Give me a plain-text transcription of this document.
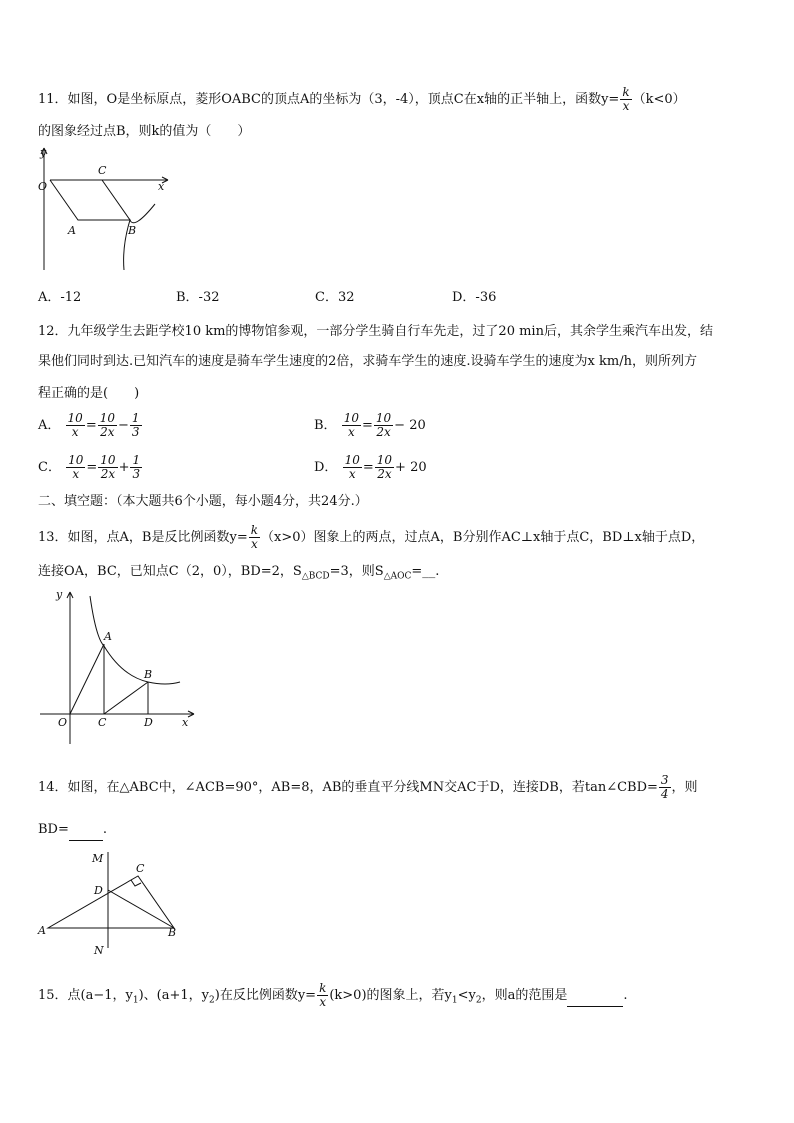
11．如图，O是坐标原点，菱形OABC的顶点A的坐标为（3，-4），顶点C在x轴的正半轴上，函数$y= \frac{k}{x} (k<0)$
的图象经过点B，则k的值为（　　）
y
O
C
x
A	B
A．-12	B．-32	C．32	D．-36
12．九年级学生去距学校10 km的博物馆参观，一部分学生骑自行车先走，过了20 min后，其余学生乘汽车出发，结
果他们同时到达.已知汽车的速度是骑车学生速度的2倍，求骑车学生的速度.设骑车学生的速度为x km/h，则所列方
程正确的是(　　)
A． $\frac{10}{x} = \frac{10}{2x} - \frac{1}{3}$	B． $\frac{10}{x} = \frac{10}{2x} - 20$
C． $\frac{10}{x} = \frac{10}{2x} + \frac{1}{3}$	D． $\frac{10}{x} = \frac{10}{2x} + 20$
二、填空题：（本大题共6个小题，每小题4分，共24分.）
13．如图，点A，B是反比例函数$y= \frac{k}{x} (x>0)$图象上的两点，过点A，B分别作AC⊥x轴于点C，BD⊥x轴于点D，
连接OA，BC，已知点C（2，0），BD=2，$S_{\triangle BCD}=3$，则$S_{\triangle AOC}=\_\_$.
y
A
B
O	C	D	x
14．如图，在△ABC中，∠ACB=90°，AB=8，AB的垂直平分线MN交AC于D，连接DB，若tan∠CBD= $\frac{3}{4}$ ，则
BD=	.
M
C
D
A	B
N
15．点(a−1，$y_1$)、(a+1，$y_2$)在反比例函数$y= \frac{k}{x} (k>0)$的图象上，若$y_1<y_2$，则a的范围是	.
